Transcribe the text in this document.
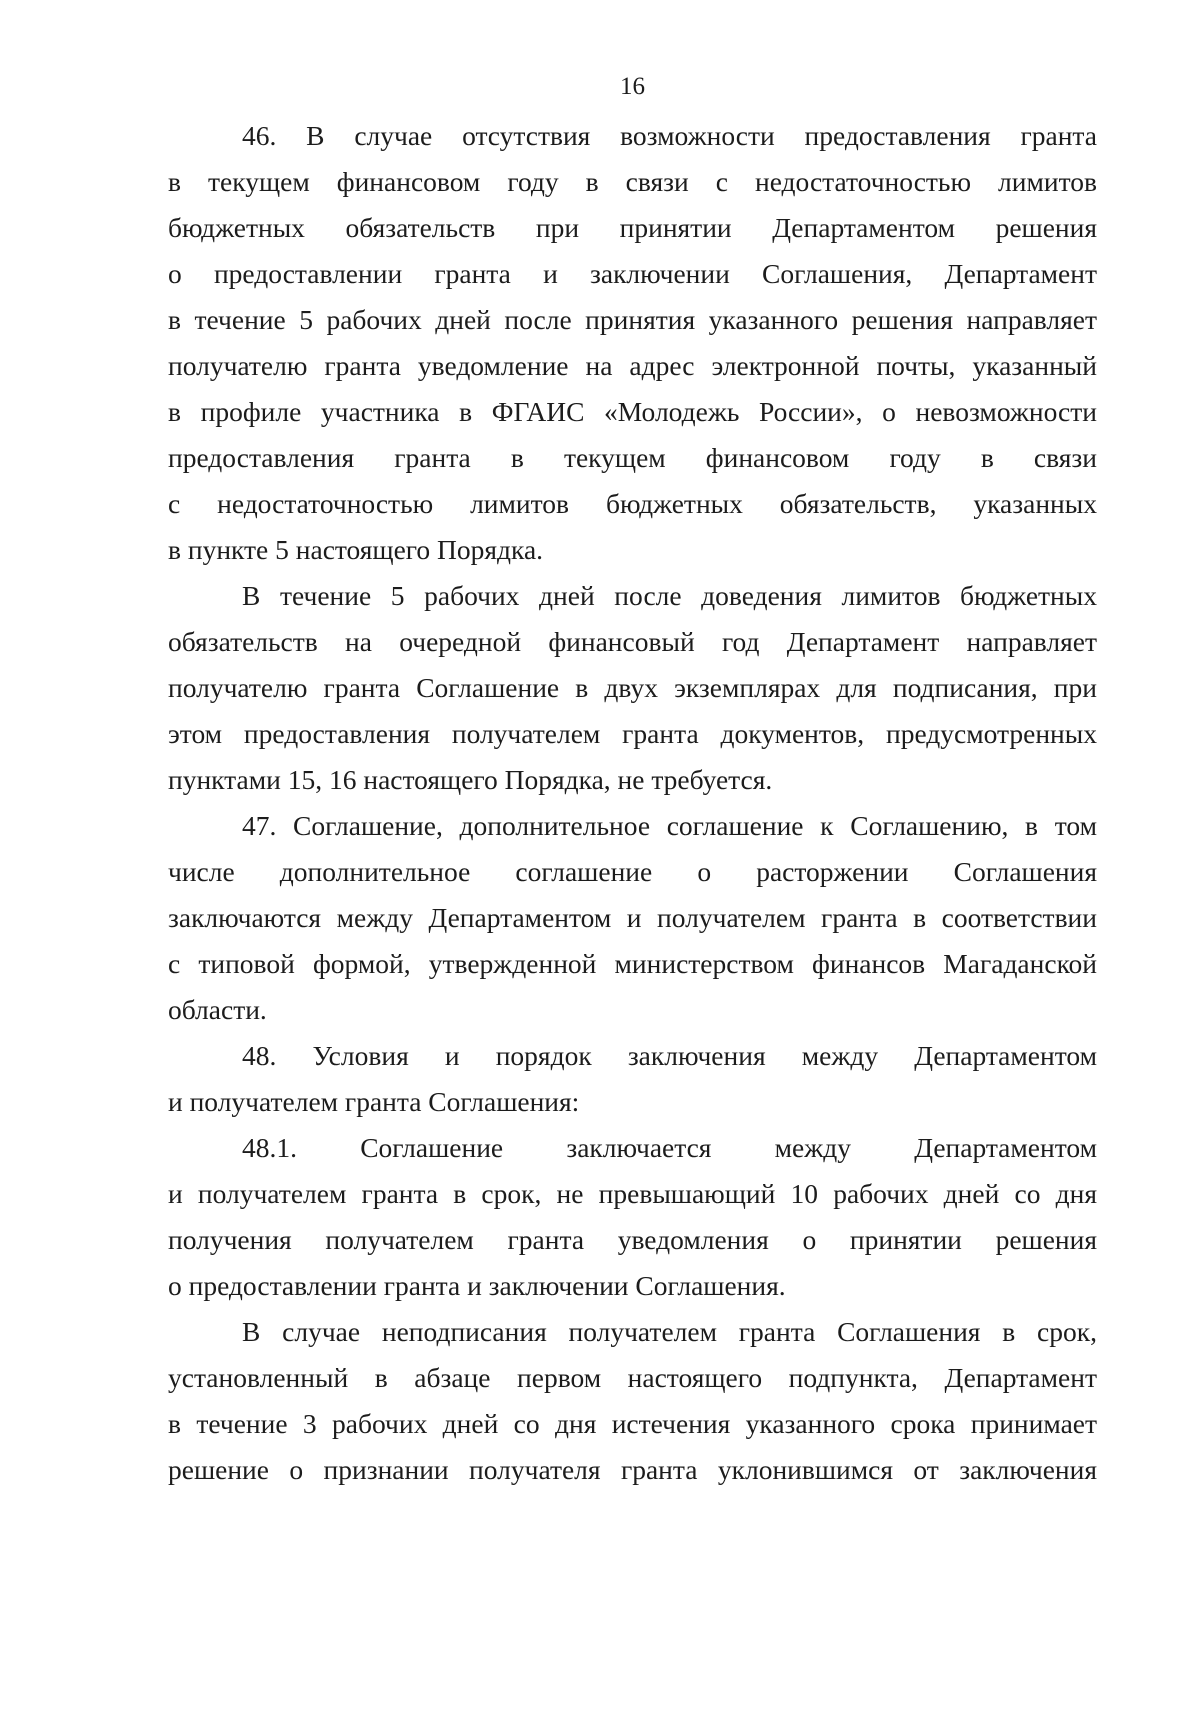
16
46. В случае отсутствия возможности предоставления гранта
в текущем финансовом году в связи с недостаточностью лимитов
бюджетных обязательств при принятии Департаментом решения
о предоставлении гранта и заключении Соглашения, Департамент
в течение 5 рабочих дней после принятия указанного решения направляет
получателю гранта уведомление на адрес электронной почты, указанный
в профиле участника в ФГАИС «Молодежь России», о невозможности
предоставления гранта в текущем финансовом году в связи
с недостаточностью лимитов бюджетных обязательств, указанных
в пункте 5 настоящего Порядка.
В течение 5 рабочих дней после доведения лимитов бюджетных
обязательств на очередной финансовый год Департамент направляет
получателю гранта Соглашение в двух экземплярах для подписания, при
этом предоставления получателем гранта документов, предусмотренных
пунктами 15, 16 настоящего Порядка, не требуется.
47. Соглашение, дополнительное соглашение к Соглашению, в том
числе дополнительное соглашение о расторжении Соглашения
заключаются между Департаментом и получателем гранта в соответствии
с типовой формой, утвержденной министерством финансов Магаданской
области.
48. Условия и порядок заключения между Департаментом
и получателем гранта Соглашения:
48.1. Соглашение заключается между Департаментом
и получателем гранта в срок, не превышающий 10 рабочих дней со дня
получения получателем гранта уведомления о принятии решения
о предоставлении гранта и заключении Соглашения.
В случае неподписания получателем гранта Соглашения в срок,
установленный в абзаце первом настоящего подпункта, Департамент
в течение 3 рабочих дней со дня истечения указанного срока принимает
решение о признании получателя гранта уклонившимся от заключения
